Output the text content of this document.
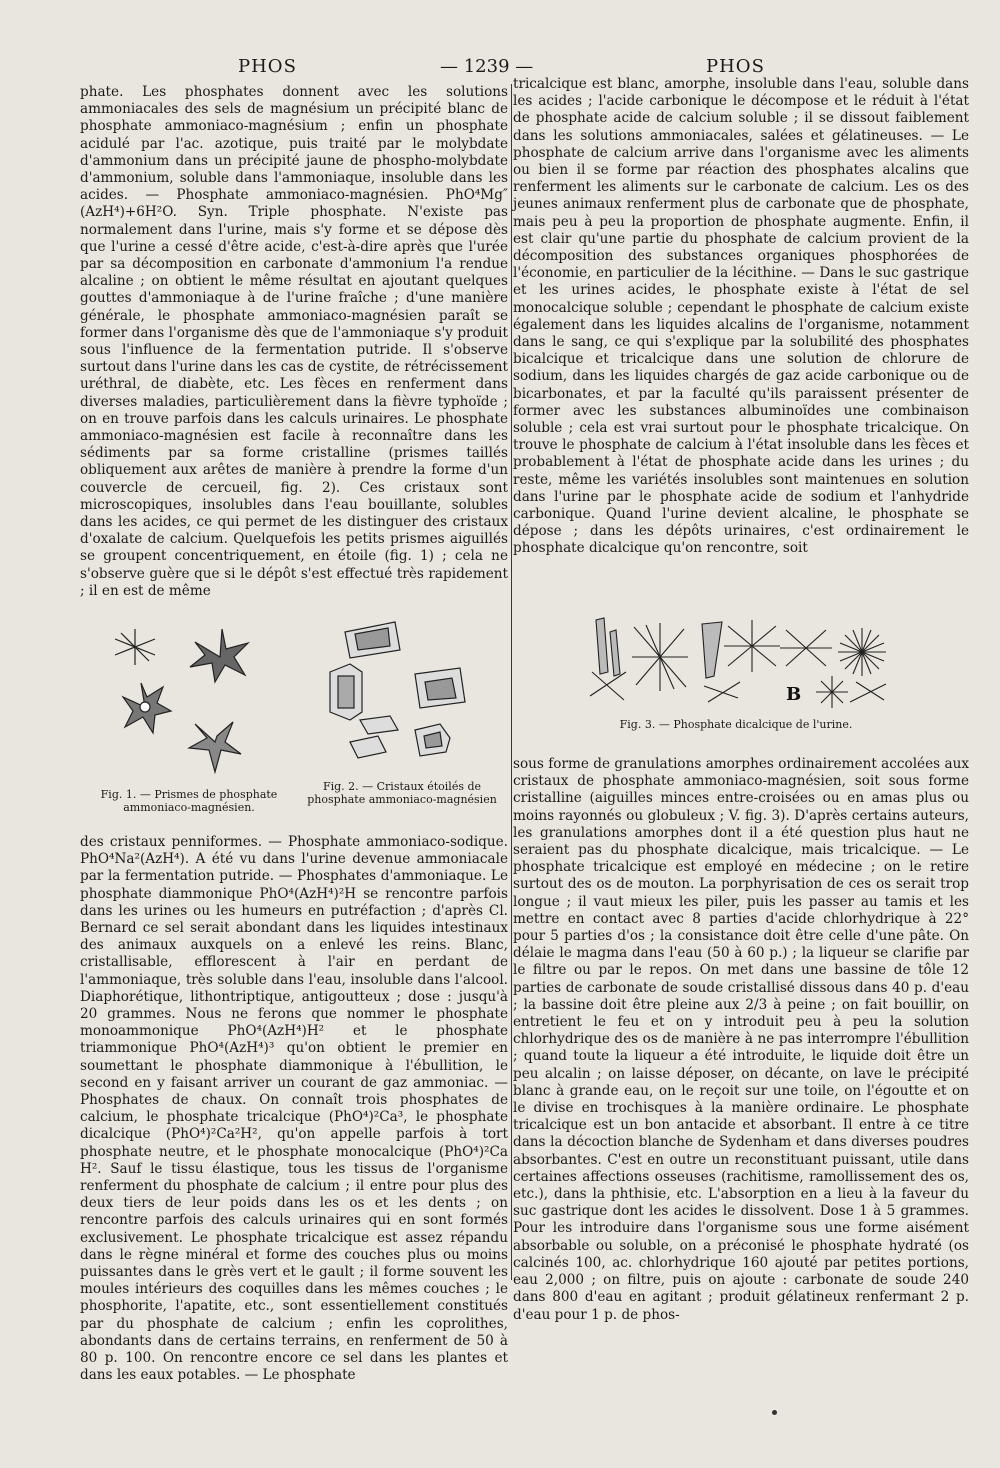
PHOS	— 1239 —	PHOS

phate. Les phosphates donnent avec les solutions ammoniacales des sels de magnésium un précipité blanc de phosphate ammoniaco-magnésium ; enfin un phosphate acidulé par l'ac. azotique, puis traité par le molybdate d'ammonium dans un précipité jaune de phospho-molybdate d'ammonium, soluble dans l'ammoniaque, insoluble dans les acides. — Phosphate ammoniaco-magnésien. PhO⁴Mg″(AzH⁴)+6H²O. Syn. Triple phosphate. N'existe pas normalement dans l'urine, mais s'y forme et se dépose dès que l'urine a cessé d'être acide, c'est-à-dire après que l'urée par sa décomposition en carbonate d'ammonium l'a rendue alcaline ; on obtient le même résultat en ajoutant quelques gouttes d'ammoniaque à de l'urine fraîche ; d'une manière générale, le phosphate ammoniaco-magnésien paraît se former dans l'organisme dès que de l'ammoniaque s'y produit sous l'influence de la fermentation putride. Il s'observe surtout dans l'urine dans les cas de cystite, de rétrécissement uréthral, de diabète, etc. Les fèces en renferment dans diverses maladies, particulièrement dans la fièvre typhoïde ; on en trouve parfois dans les calculs urinaires. Le phosphate ammoniaco-magnésien est facile à reconnaître dans les sédiments par sa forme cristalline (prismes taillés obliquement aux arêtes de manière à prendre la forme d'un couvercle de cercueil, fig. 2). Ces cristaux sont microscopiques, insolubles dans l'eau bouillante, solubles dans les acides, ce qui permet de les distinguer des cristaux d'oxalate de calcium. Quelquefois les petits prismes aiguillés se groupent concentriquement, en étoile (fig. 1) ; cela ne s'observe guère que si le dépôt s'est effectué très rapidement ; il en est de même

Fig. 1. — Prismes de phosphate ammoniaco-magnésien.
Fig. 2. — Cristaux étoilés de phosphate ammoniaco-magnésien

des cristaux penniformes. — Phosphate ammoniaco-sodique. PhO⁴Na²(AzH⁴). A été vu dans l'urine devenue ammoniacale par la fermentation putride. — Phosphates d'ammoniaque. Le phosphate diammonique PhO⁴(AzH⁴)²H se rencontre parfois dans les urines ou les humeurs en putréfaction ; d'après Cl. Bernard ce sel serait abondant dans les liquides intestinaux des animaux auxquels on a enlevé les reins. Blanc, cristallisable, efflorescent à l'air en perdant de l'ammoniaque, très soluble dans l'eau, insoluble dans l'alcool. Diaphorétique, lithontriptique, antigoutteux ; dose : jusqu'à 20 grammes. Nous ne ferons que nommer le phosphate monoammonique PhO⁴(AzH⁴)H² et le phosphate triammonique PhO⁴(AzH⁴)³ qu'on obtient le premier en soumettant le phosphate diammonique à l'ébullition, le second en y faisant arriver un courant de gaz ammoniac. — Phosphates de chaux. On connaît trois phosphates de calcium, le phosphate tricalcique (PhO⁴)²Ca³, le phosphate dicalcique (PhO⁴)²Ca²H², qu'on appelle parfois à tort phosphate neutre, et le phosphate monocalcique (PhO⁴)²Ca H². Sauf le tissu élastique, tous les tissus de l'organisme renferment du phosphate de calcium ; il entre pour plus des deux tiers de leur poids dans les os et les dents ; on rencontre parfois des calculs urinaires qui en sont formés exclusivement. Le phosphate tricalcique est assez répandu dans le règne minéral et forme des couches plus ou moins puissantes dans le grès vert et le gault ; il forme souvent les moules intérieurs des coquilles dans les mêmes couches ; le phosphorite, l'apatite, etc., sont essentiellement constitués par du phosphate de calcium ; enfin les coprolithes, abondants dans de certains terrains, en renferment de 50 à 80 p. 100. On rencontre encore ce sel dans les plantes et dans les eaux potables. — Le phosphate

tricalcique est blanc, amorphe, insoluble dans l'eau, soluble dans les acides ; l'acide carbonique le décompose et le réduit à l'état de phosphate acide de calcium soluble ; il se dissout faiblement dans les solutions ammoniacales, salées et gélatineuses. — Le phosphate de calcium arrive dans l'organisme avec les aliments ou bien il se forme par réaction des phosphates alcalins que renferment les aliments sur le carbonate de calcium. Les os des jeunes animaux renferment plus de carbonate que de phosphate, mais peu à peu la proportion de phosphate augmente. Enfin, il est clair qu'une partie du phosphate de calcium provient de la décomposition des substances organiques phosphorées de l'économie, en particulier de la lécithine. — Dans le suc gastrique et les urines acides, le phosphate existe à l'état de sel monocalcique soluble ; cependant le phosphate de calcium existe également dans les liquides alcalins de l'organisme, notamment dans le sang, ce qui s'explique par la solubilité des phosphates bicalcique et tricalcique dans une solution de chlorure de sodium, dans les liquides chargés de gaz acide carbonique ou de bicarbonates, et par la faculté qu'ils paraissent présenter de former avec les substances albuminoïdes une combinaison soluble ; cela est vrai surtout pour le phosphate tricalcique. On trouve le phosphate de calcium à l'état insoluble dans les fèces et probablement à l'état de phosphate acide dans les urines ; du reste, même les variétés insolubles sont maintenues en solution dans l'urine par le phosphate acide de sodium et l'anhydride carbonique. Quand l'urine devient alcaline, le phosphate se dépose ; dans les dépôts urinaires, c'est ordinairement le phosphate dicalcique qu'on rencontre, soit

B
Fig. 3. — Phosphate dicalcique de l'urine.

sous forme de granulations amorphes ordinairement accolées aux cristaux de phosphate ammoniaco-magnésien, soit sous forme cristalline (aiguilles minces entre-croisées ou en amas plus ou moins rayonnés ou globuleux ; V. fig. 3). D'après certains auteurs, les granulations amorphes dont il a été question plus haut ne seraient pas du phosphate dicalcique, mais tricalcique. — Le phosphate tricalcique est employé en médecine ; on le retire surtout des os de mouton. La porphyrisation de ces os serait trop longue ; il vaut mieux les piler, puis les passer au tamis et les mettre en contact avec 8 parties d'acide chlorhydrique à 22° pour 5 parties d'os ; la consistance doit être celle d'une pâte. On délaie le magma dans l'eau (50 à 60 p.) ; la liqueur se clarifie par le filtre ou par le repos. On met dans une bassine de tôle 12 parties de carbonate de soude cristallisé dissous dans 40 p. d'eau ; la bassine doit être pleine aux 2/3 à peine ; on fait bouillir, on entretient le feu et on y introduit peu à peu la solution chlorhydrique des os de manière à ne pas interrompre l'ébullition ; quand toute la liqueur a été introduite, le liquide doit être un peu alcalin ; on laisse déposer, on décante, on lave le précipité blanc à grande eau, on le reçoit sur une toile, on l'égoutte et on le divise en trochisques à la manière ordinaire. Le phosphate tricalcique est un bon antacide et absorbant. Il entre à ce titre dans la décoction blanche de Sydenham et dans diverses poudres absorbantes. C'est en outre un reconstituant puissant, utile dans certaines affections osseuses (rachitisme, ramollissement des os, etc.), dans la phthisie, etc. L'absorption en a lieu à la faveur du suc gastrique dont les acides le dissolvent. Dose 1 à 5 grammes. Pour les introduire dans l'organisme sous une forme aisément absorbable ou soluble, on a préconisé le phosphate hydraté (os calcinés 100, ac. chlorhydrique 160 ajouté par petites portions, eau 2,000 ; on filtre, puis on ajoute : carbonate de soude 240 dans 800 d'eau en agitant ; produit gélatineux renfermant 2 p. d'eau pour 1 p. de phos-
